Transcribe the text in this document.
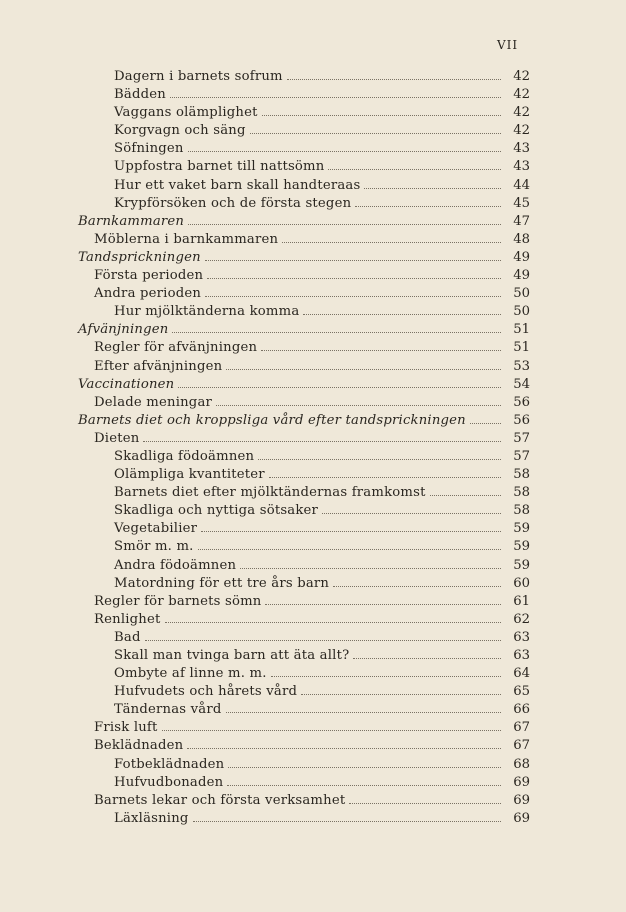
VII
Dagern i barnets sofrum	42
Bädden	42
Vaggans olämplighet	42
Korgvagn och säng	42
Söfningen	43
Uppfostra barnet till nattsömn	43
Hur ett vaket barn skall handteraas	44
Krypförsöken och de första stegen	45
Barnkammaren	47
Möblerna i barnkammaren	48
Tandsprickningen	49
Första perioden	49
Andra perioden	50
Hur mjölktänderna komma	50
Afvänjningen	51
Regler för afvänjningen	51
Efter afvänjningen	53
Vaccinationen	54
Delade meningar	56
Barnets diet och kroppsliga vård efter tandsprickningen	56
Dieten	57
Skadliga födoämnen	57
Olämpliga kvantiteter	58
Barnets diet efter mjölktändernas framkomst	58
Skadliga och nyttiga sötsaker	58
Vegetabilier	59
Smör m. m.	59
Andra födoämnen	59
Matordning för ett tre års barn	60
Regler för barnets sömn	61
Renlighet	62
Bad	63
Skall man tvinga barn att äta allt?	63
Ombyte af linne m. m.	64
Hufvudets och hårets vård	65
Tändernas vård	66
Frisk luft	67
Beklädnaden	67
Fotbeklädnaden	68
Hufvudbonaden	69
Barnets lekar och första verksamhet	69
Läxläsning	69
